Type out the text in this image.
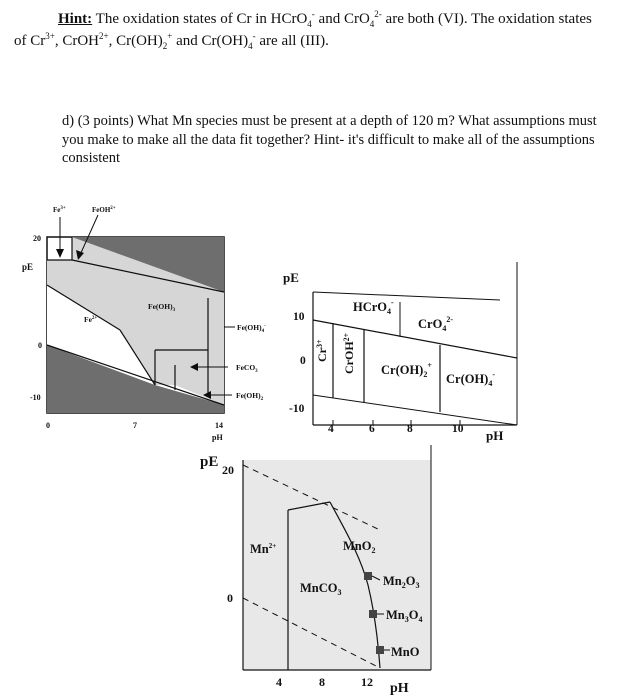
Hint: The oxidation states of Cr in HCrO$_4$- and CrO$_4^{2-}$ are both (VI). The oxidation states
of $Cr^{3+}$, CrOH$^{2+}$, $Cr(OH)_2^+$ and $Cr(OH)_4^-$ are all (III).

d) (3 points) What Mn species must be present at a depth of 120 m? What assumptions must you make to make all the data fit together? Hint- it's difficult to make all of the assumptions consistent

pE
20
0
-10
0	7	14
pH
$Fe^{3+}$	FeOH$^{2+}$
$Fe(OH)_3$
$Fe^{2+}$
$Fe(OH)_4^-$
FeCO$_3$
$Fe(OH)_2$
pE
10
0
-10
4	6	8	10 pH
$Cr^{3+}$	CrOH$^{2+}$
HCrO$_4$-
CrO$_4^{2-}$
$Cr(OH)_2^+$
$Cr(OH)_4^-$
pE 20
0
4	8	12 pH
$Mn^{2+}$	MnO$_2$
MnCO$_3$
$Mn_2O_3$
$Mn_3O_4$
MnO
